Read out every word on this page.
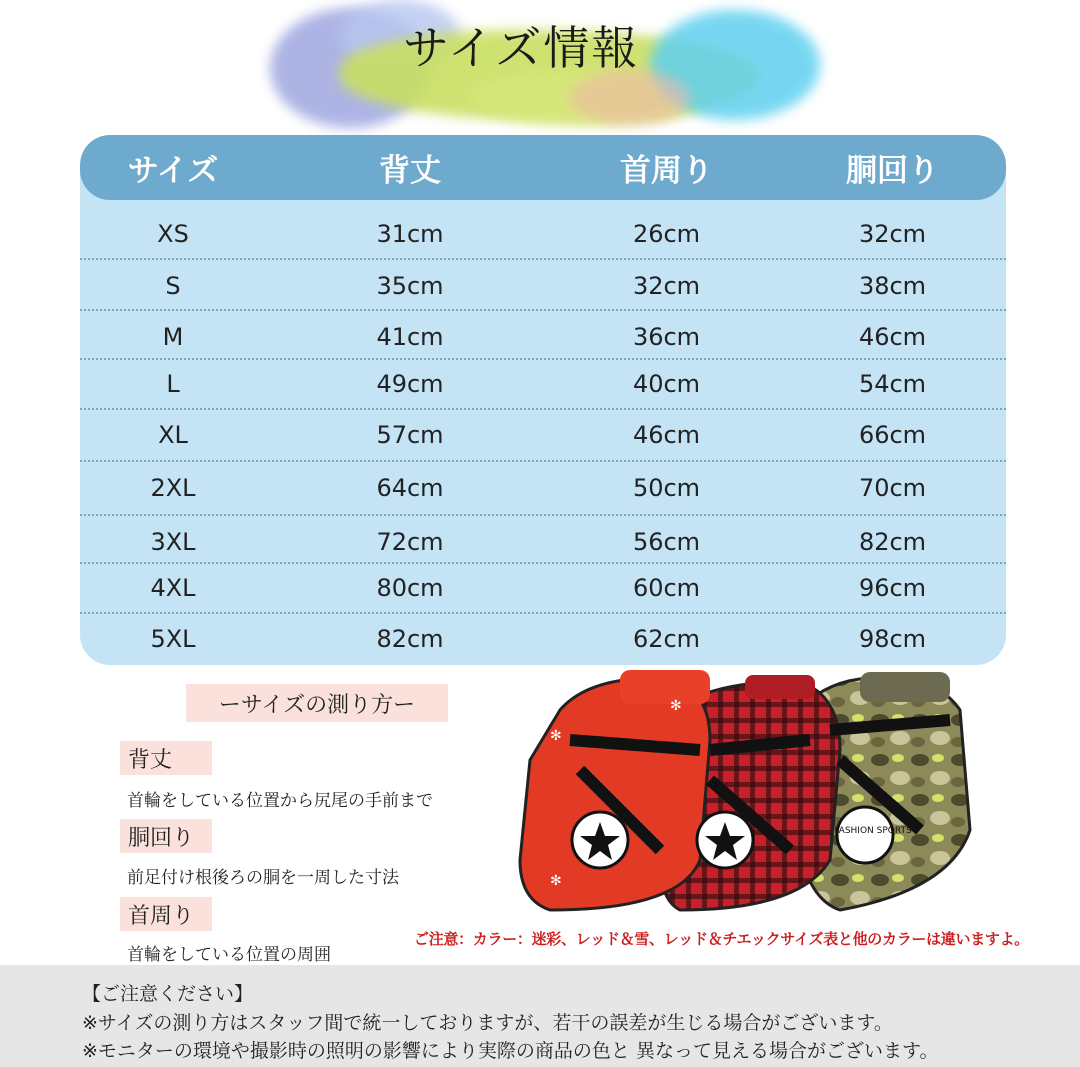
サイズ情報
サイズ	背丈	首周り	胴回り
XS	31cm	26cm	32cm
S	35cm	32cm	38cm
M	41cm	36cm	46cm
L	49cm	40cm	54cm
XL	57cm	46cm	66cm
2XL	64cm	50cm	70cm
3XL	72cm	56cm	82cm
4XL	80cm	60cm	96cm
5XL	82cm	62cm	98cm
ーサイズの測り方ー
背丈
首輪をしている位置から尻尾の手前まで
胴回り
前足付け根後ろの胴を一周した寸法
首周り
首輪をしている位置の周囲
FASHION SPORTS
✻
✻
✻
ご注意：カラー：迷彩、レッド＆雪、レッド＆チエックサイズ表と他のカラーは違いますよ。
【ご注意ください】
※サイズの測り方はスタッフ間で統一しておりますが、若干の誤差が生じる場合がございます。
※モニターの環境や撮影時の照明の影響により実際の商品の色と 異なって見える場合がございます。
